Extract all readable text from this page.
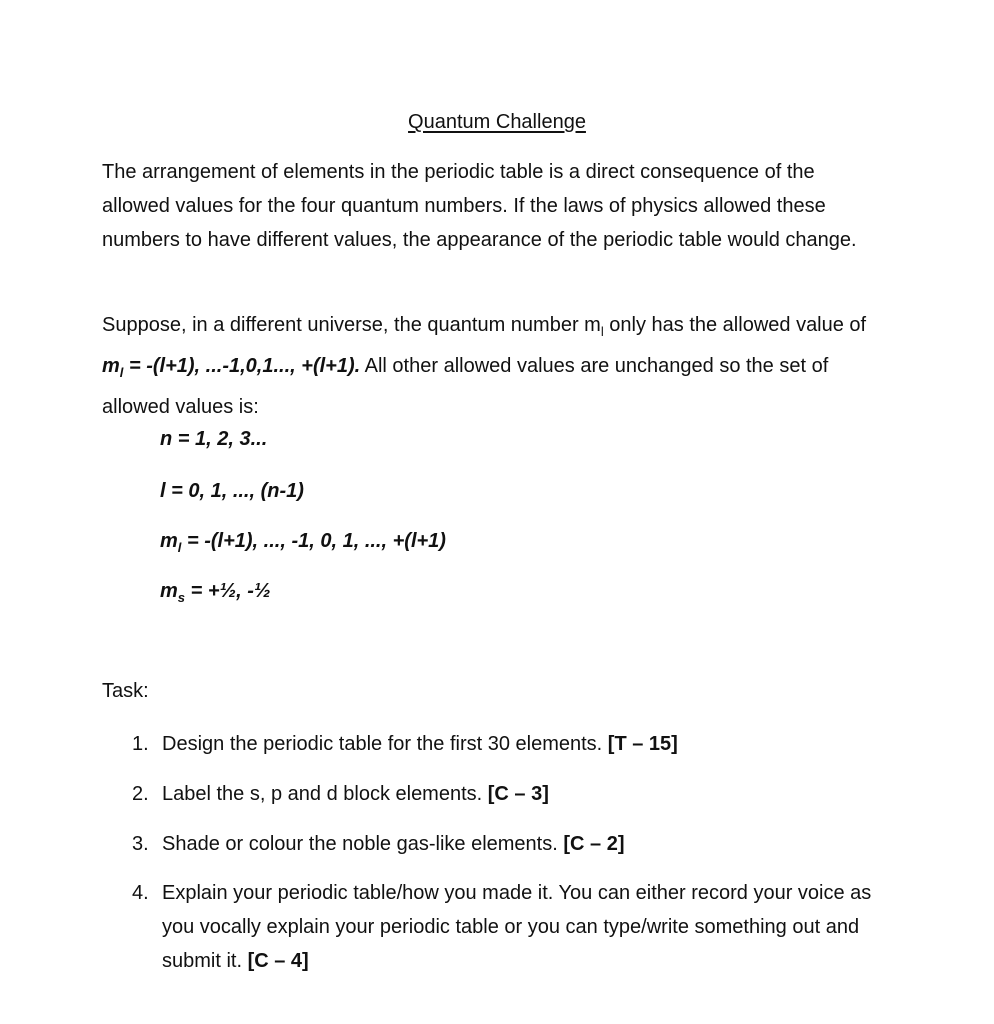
Quantum Challenge

The arrangement of elements in the periodic table is a direct consequence of the allowed values for the four quantum numbers. If the laws of physics allowed these numbers to have different values, the appearance of the periodic table would change.

Suppose, in a different universe, the quantum number $m_l$ only has the allowed value of $m_l = -(l+1)$, ...-1,0,1..., +(l+1). All other allowed values are unchanged so the set of allowed values is:

n = 1, 2, 3...
l = 0, 1, ..., (n-1)
$m_l = -(l+1)$, ..., -1, 0, 1, ..., +(l+1)
$m_s$ = +½, -½
Task:
1. Design the periodic table for the first 30 elements. [T – 15]
2. Label the s, p and d block elements. [C – 3]
3. Shade or colour the noble gas-like elements. [C – 2]
4. Explain your periodic table/how you made it. You can either record your voice as you vocally explain your periodic table or you can type/write something out and submit it. [C – 4]
